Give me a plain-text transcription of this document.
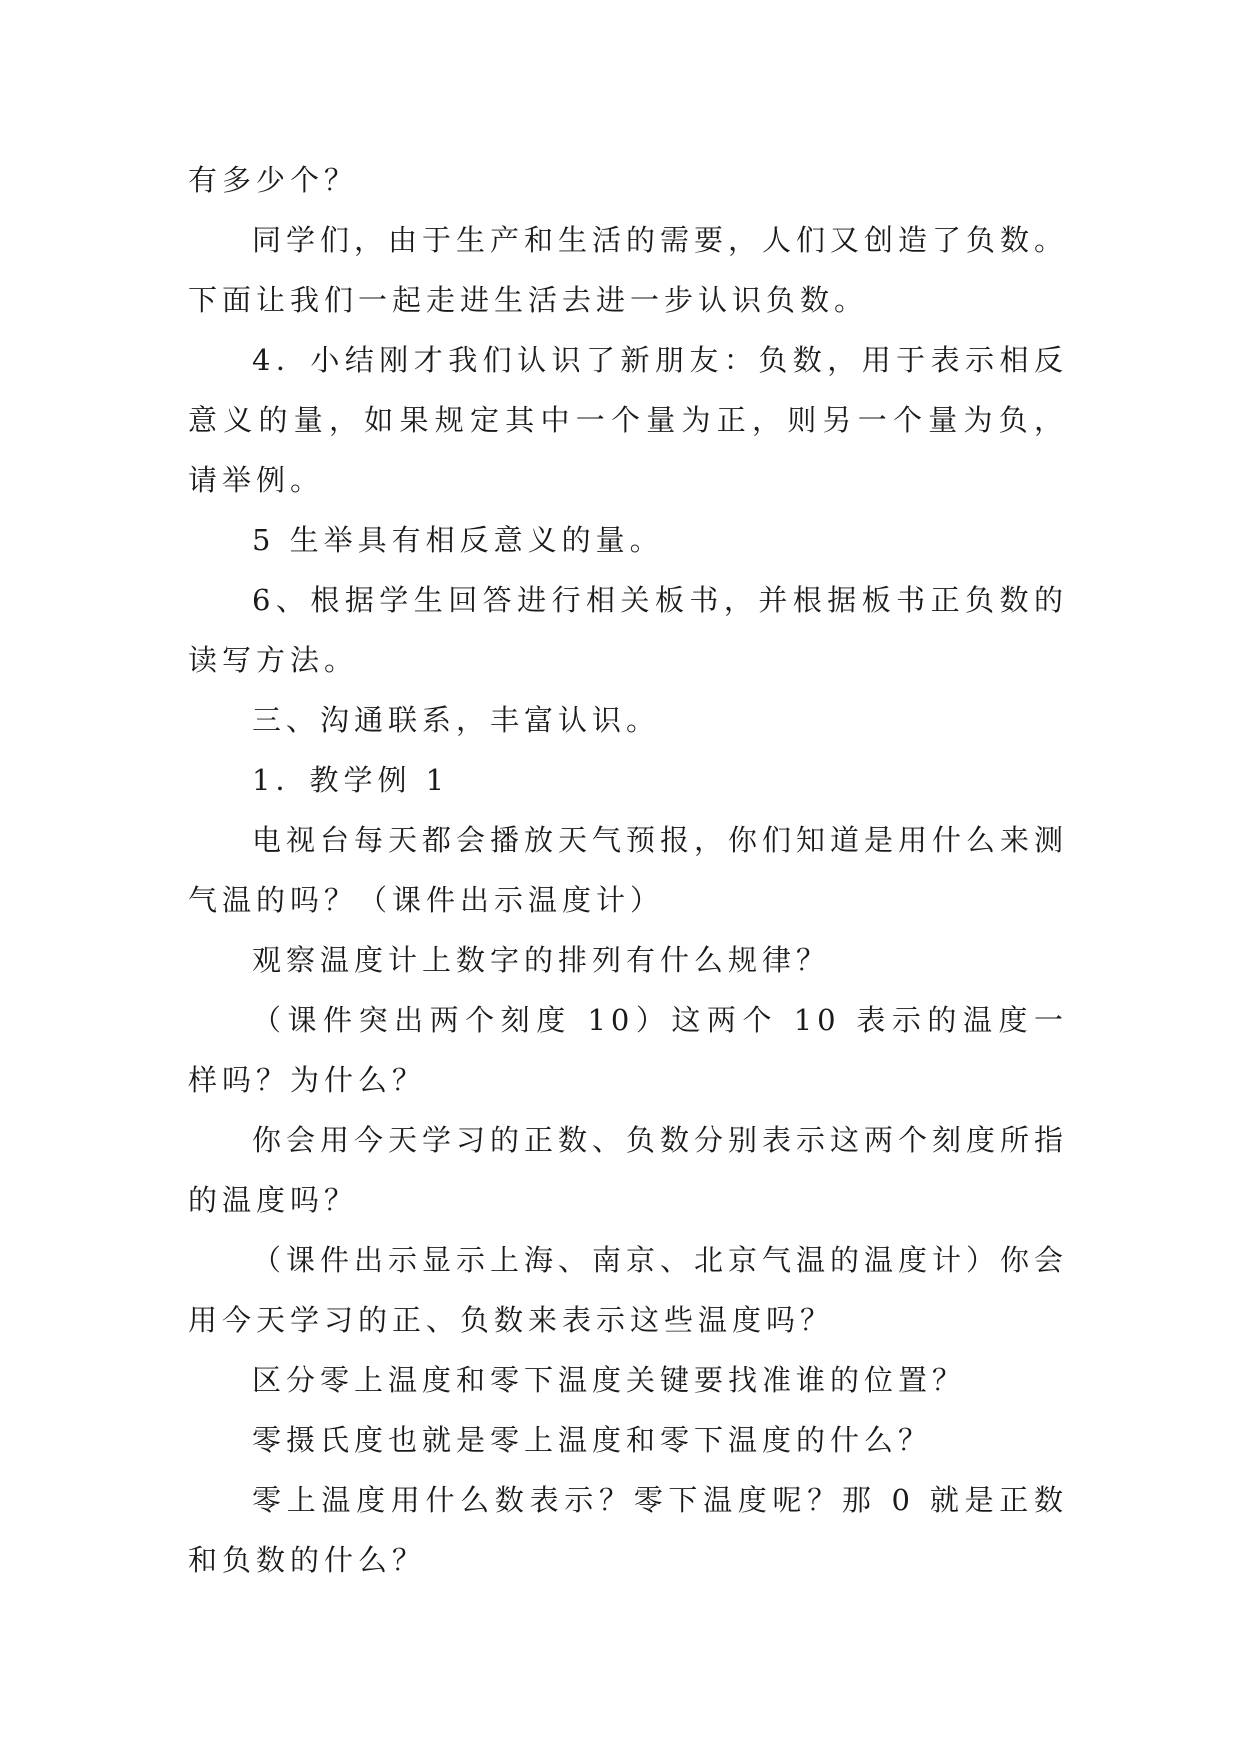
有多少个？

同学们，由于生产和生活的需要，人们又创造了负数。下面让我们一起走进生活去进一步认识负数。

4．小结刚才我们认识了新朋友：负数，用于表示相反意义的量，如果规定其中一个量为正，则另一个量为负，请举例。

5 生举具有相反意义的量。

6、根据学生回答进行相关板书，并根据板书正负数的读写方法。

三、沟通联系，丰富认识。

1．教学例 1

电视台每天都会播放天气预报，你们知道是用什么来测气温的吗？（课件出示温度计）

观察温度计上数字的排列有什么规律？

（课件突出两个刻度 10）这两个 10 表示的温度一样吗？为什么？

你会用今天学习的正数、负数分别表示这两个刻度所指的温度吗？

（课件出示显示上海、南京、北京气温的温度计）你会用今天学习的正、负数来表示这些温度吗？

区分零上温度和零下温度关键要找准谁的位置？

零摄氏度也就是零上温度和零下温度的什么？

零上温度用什么数表示？零下温度呢？那 0 就是正数和负数的什么？
